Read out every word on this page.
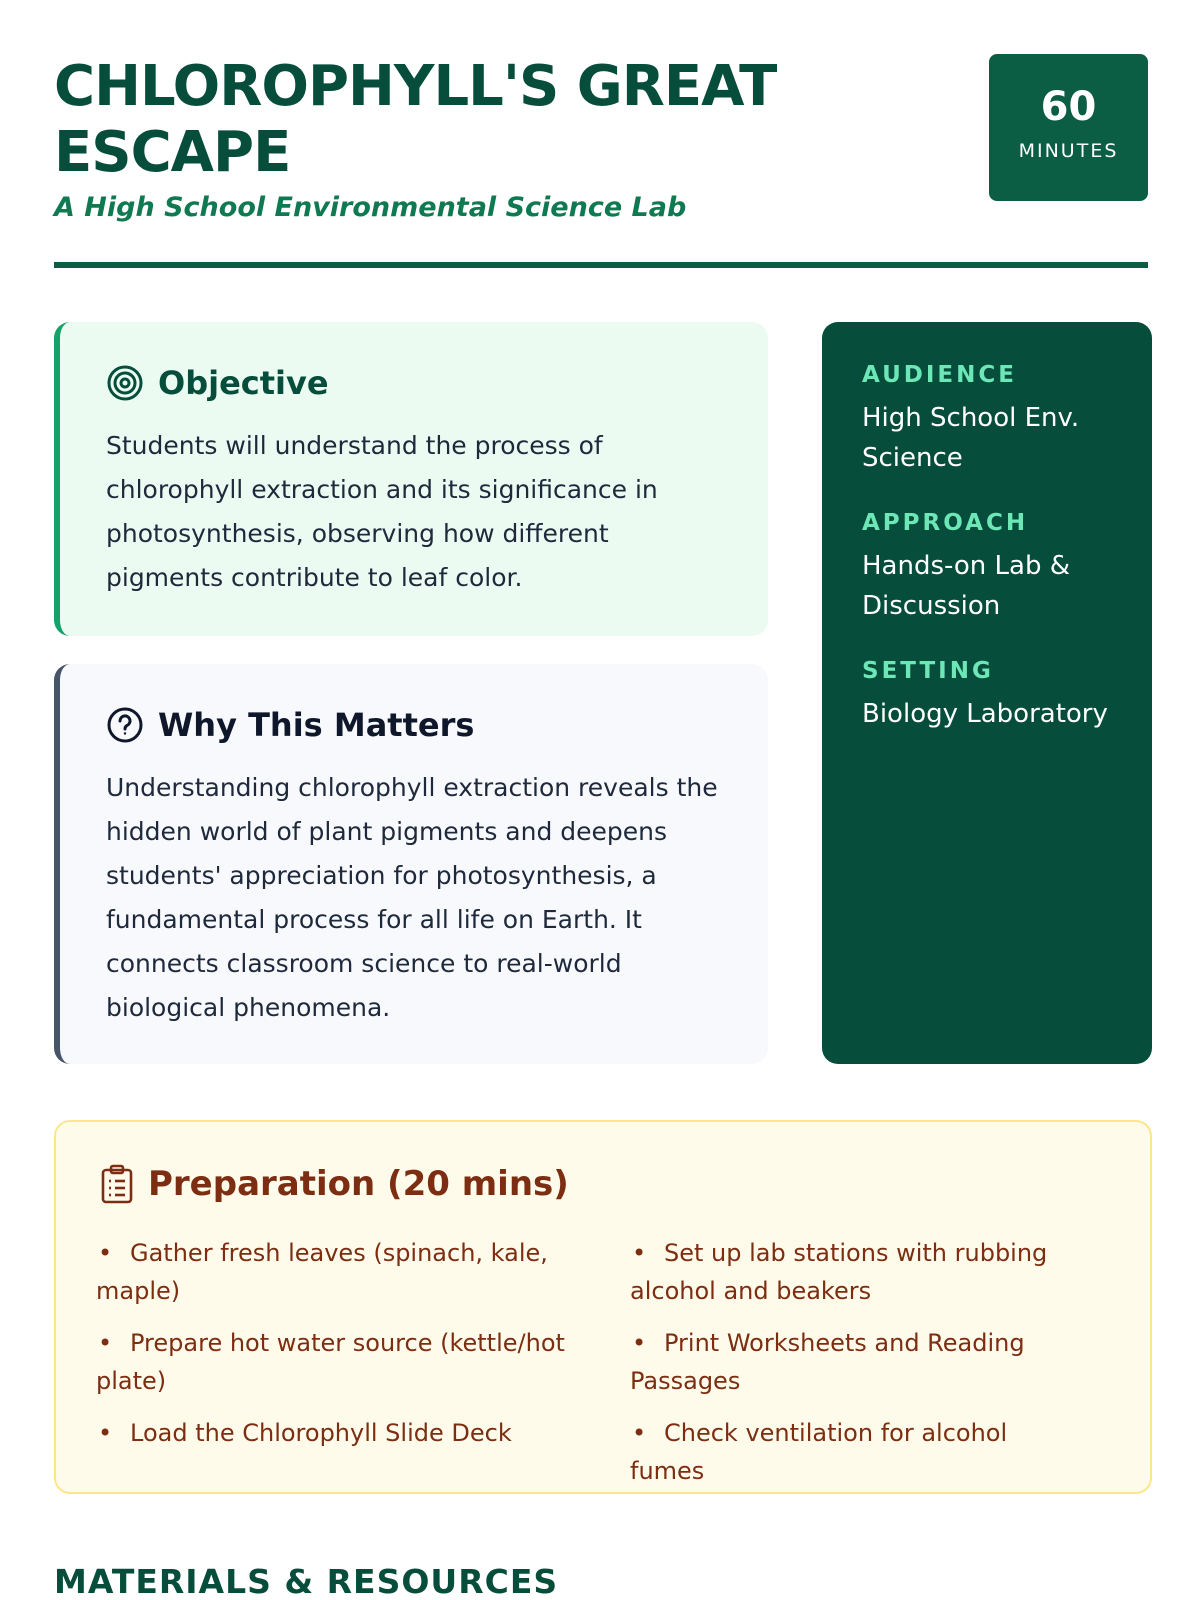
CHLOROPHYLL'S GREAT ESCAPE
A High School Environmental Science Lab
60
MINUTES
Objective

Students will understand the process of chlorophyll extraction and its significance in photosynthesis, observing how different pigments contribute to leaf color.

Why This Matters

Understanding chlorophyll extraction reveals the hidden world of plant pigments and deepens students' appreciation for photosynthesis, a fundamental process for all life on Earth. It connects classroom science to real-world biological phenomena.

AUDIENCE
High School Env. Science
APPROACH
Hands-on Lab & Discussion
SETTING
Biology Laboratory
Preparation (20 mins)
• Gather fresh leaves (spinach, kale, maple)
• Set up lab stations with rubbing alcohol and beakers
• Prepare hot water source (kettle/hot plate)
• Print Worksheets and Reading Passages
• Load the Chlorophyll Slide Deck	• Check ventilation for alcohol fumes
MATERIALS & RESOURCES
